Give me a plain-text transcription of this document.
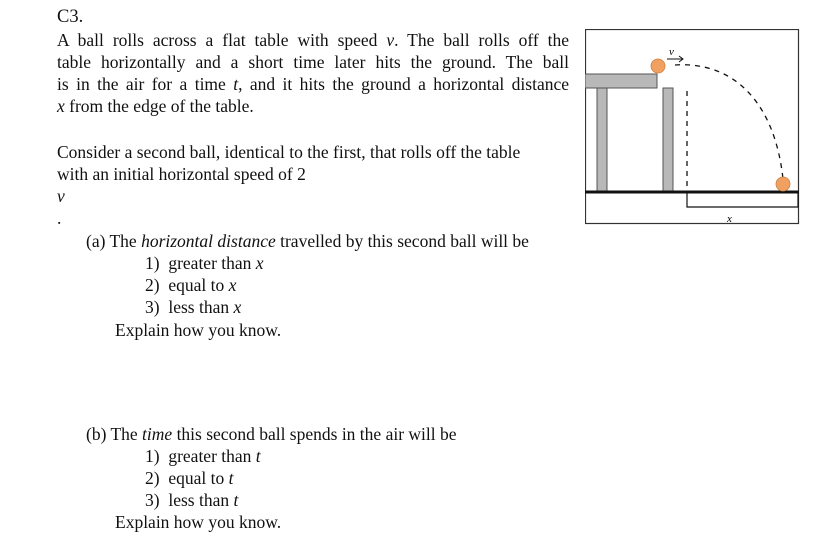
C3.
A ball rolls across a flat table with speed v. The ball rolls off the
table horizontally and a short time later hits the ground. The ball
is in the air for a time t, and it hits the ground a horizontal distance
x from the edge of the table.
Consider a second ball, identical to the first, that rolls off the table
with an initial horizontal speed of 2
v
.
(a) The horizontal distance travelled by this second ball will be
1) greater than x
2) equal to x
3) less than x
Explain how you know.
(b) The time this second ball spends in the air will be
1) greater than t
2) equal to t
3) less than t
Explain how you know.
v
x
